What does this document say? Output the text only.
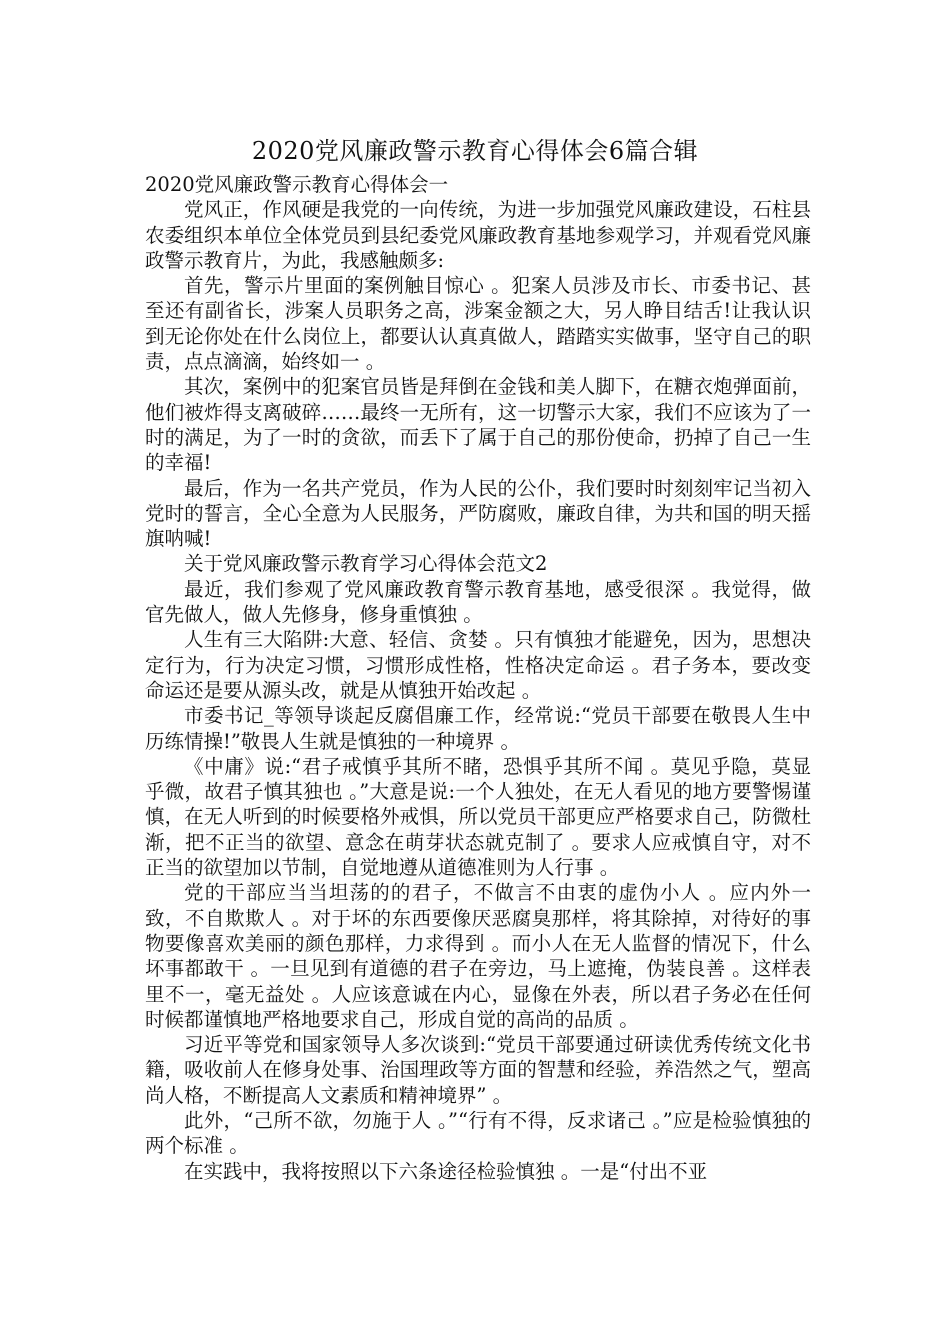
2020党风廉政警示教育心得体会6篇合辑

2020党风廉政警示教育心得体会一

党风正，作风硬是我党的一向传统，为进一步加强党风廉政建设，石柱县农委组织本单位全体党员到县纪委党风廉政教育基地参观学习，并观看党风廉政警示教育片，为此，我感触颇多:

首先，警示片里面的案例触目惊心 。犯案人员涉及市长、市委书记、甚至还有副省长，涉案人员职务之高，涉案金额之大，另人睁目结舌!让我认识到无论你处在什么岗位上，都要认认真真做人，踏踏实实做事，坚守自己的职责，点点滴滴，始终如一 。

其次，案例中的犯案官员皆是拜倒在金钱和美人脚下，在糖衣炮弹面前，他们被炸得支离破碎……最终一无所有，这一切警示大家，我们不应该为了一时的满足，为了一时的贪欲，而丢下了属于自己的那份使命，扔掉了自己一生的幸福!

最后，作为一名共产党员，作为人民的公仆，我们要时时刻刻牢记当初入党时的誓言，全心全意为人民服务，严防腐败，廉政自律，为共和国的明天摇旗呐喊!

关于党风廉政警示教育学习心得体会范文2

最近，我们参观了党风廉政教育警示教育基地，感受很深 。我觉得，做官先做人，做人先修身，修身重慎独 。

人生有三大陷阱:大意、轻信、贪婪 。只有慎独才能避免，因为，思想决定行为，行为决定习惯，习惯形成性格，性格决定命运 。君子务本，要改变命运还是要从源头改，就是从慎独开始改起 。

市委书记_等领导谈起反腐倡廉工作，经常说:“党员干部要在敬畏人生中历练情操!”敬畏人生就是慎独的一种境界 。

《中庸》说:“君子戒慎乎其所不睹，恐惧乎其所不闻 。莫见乎隐，莫显乎微，故君子慎其独也 。”大意是说:一个人独处，在无人看见的地方要警惕谨慎，在无人听到的时候要格外戒惧，所以党员干部更应严格要求自己，防微杜渐，把不正当的欲望、意念在萌芽状态就克制了 。要求人应戒慎自守，对不正当的欲望加以节制，自觉地遵从道德准则为人行事 。

党的干部应当当坦荡的的君子，不做言不由衷的虚伪小人 。应内外一致，不自欺欺人 。对于坏的东西要像厌恶腐臭那样，将其除掉，对待好的事物要像喜欢美丽的颜色那样，力求得到 。而小人在无人监督的情况下，什么坏事都敢干 。一旦见到有道德的君子在旁边，马上遮掩，伪装良善 。这样表里不一，毫无益处 。人应该意诚在内心，显像在外表，所以君子务必在任何时候都谨慎地严格地要求自己，形成自觉的高尚的品质 。

习近平等党和国家领导人多次谈到:“党员干部要通过研读优秀传统文化书籍，吸收前人在修身处事、治国理政等方面的智慧和经验，养浩然之气，塑高尚人格，不断提高人文素质和精神境界” 。

此外，“己所不欲，勿施于人 。”“行有不得，反求诸己 。”应是检验慎独的两个标准 。

在实践中，我将按照以下六条途径检验慎独 。一是“付出不亚
